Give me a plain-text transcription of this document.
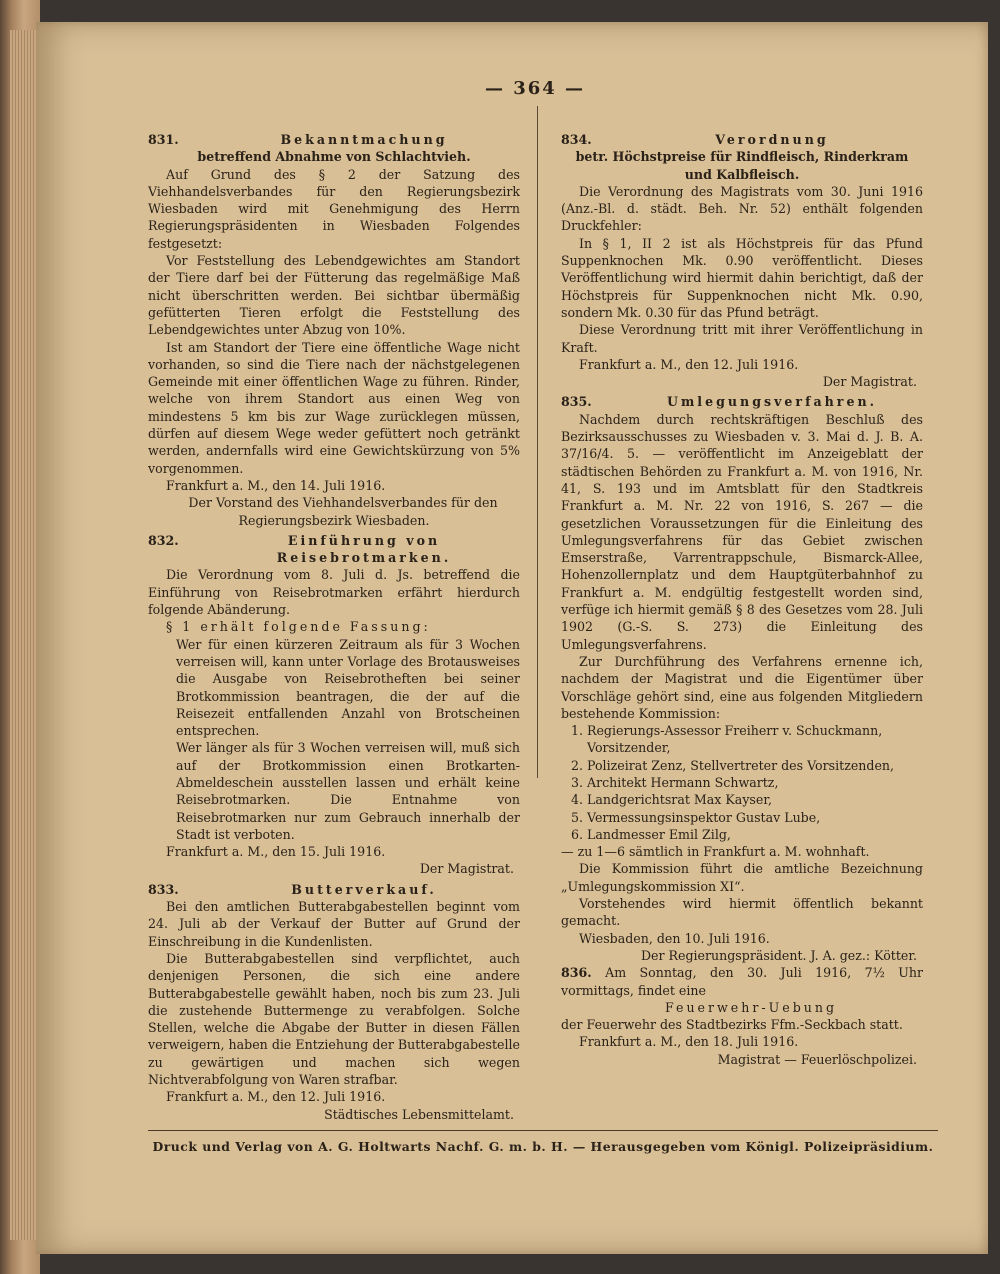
— 364 —
831.	Bekanntmachung
betreffend Abnahme von Schlachtvieh.

Auf Grund des § 2 der Satzung des Viehhandelsverbandes für den Regierungsbezirk Wiesbaden wird mit Genehmigung des Herrn Regierungspräsidenten in Wiesbaden Folgendes festgesetzt:

Vor Feststellung des Lebendgewichtes am Standort der Tiere darf bei der Fütterung das regelmäßige Maß nicht überschritten werden. Bei sichtbar übermäßig gefütterten Tieren erfolgt die Feststellung des Lebendgewichtes unter Abzug von 10%.

Ist am Standort der Tiere eine öffentliche Wage nicht vorhanden, so sind die Tiere nach der nächstgelegenen Gemeinde mit einer öffentlichen Wage zu führen. Rinder, welche von ihrem Standort aus einen Weg von mindestens 5 km bis zur Wage zurücklegen müssen, dürfen auf diesem Wege weder gefüttert noch getränkt werden, andernfalls wird eine Gewichtskürzung von 5% vorgenommen.

Frankfurt a. M., den 14. Juli 1916.

Der Vorstand des Viehhandelsverbandes für den Regierungsbezirk Wiesbaden.

832.	Einführung von Reisebrotmarken.

Die Verordnung vom 8. Juli d. Js. betreffend die Einführung von Reisebrotmarken erfährt hierdurch folgende Abänderung.

§ 1 erhält folgende Fassung:

Wer für einen kürzeren Zeitraum als für 3 Wochen verreisen will, kann unter Vorlage des Brotausweises die Ausgabe von Reisebrotheften bei seiner Brotkommission beantragen, die der auf die Reisezeit entfallenden Anzahl von Brotscheinen entsprechen.

Wer länger als für 3 Wochen verreisen will, muß sich auf der Brotkommission einen Brotkarten-Abmeldeschein ausstellen lassen und erhält keine Reisebrotmarken. Die Entnahme von Reisebrotmarken nur zum Gebrauch innerhalb der Stadt ist verboten.

Frankfurt a. M., den 15. Juli 1916.

Der Magistrat.

833.	Butterverkauf.

Bei den amtlichen Butterabgabestellen beginnt vom 24. Juli ab der Verkauf der Butter auf Grund der Einschreibung in die Kundenlisten.

Die Butterabgabestellen sind verpflichtet, auch denjenigen Personen, die sich eine andere Butterabgabestelle gewählt haben, noch bis zum 23. Juli die zustehende Buttermenge zu verabfolgen. Solche Stellen, welche die Abgabe der Butter in diesen Fällen verweigern, haben die Entziehung der Butterabgabestelle zu gewärtigen und machen sich wegen Nichtverabfolgung von Waren strafbar.

Frankfurt a. M., den 12. Juli 1916.

Städtisches Lebensmittelamt.

834.	Verordnung
betr. Höchstpreise für Rindfleisch, Rinderkram und Kalbfleisch.

Die Verordnung des Magistrats vom 30. Juni 1916 (Anz.-Bl. d. städt. Beh. Nr. 52) enthält folgenden Druckfehler:

In § 1, II 2 ist als Höchstpreis für das Pfund Suppenknochen Mk. 0.90 veröffentlicht. Dieses Veröffentlichung wird hiermit dahin berichtigt, daß der Höchstpreis für Suppenknochen nicht Mk. 0.90, sondern Mk. 0.30 für das Pfund beträgt.

Diese Verordnung tritt mit ihrer Veröffentlichung in Kraft.

Frankfurt a. M., den 12. Juli 1916.

Der Magistrat.

835.	Umlegungsverfahren.

Nachdem durch rechtskräftigen Beschluß des Bezirksausschusses zu Wiesbaden v. 3. Mai d. J. B. A. 37/16/4. 5. — veröffentlicht im Anzeigeblatt der städtischen Behörden zu Frankfurt a. M. von 1916, Nr. 41, S. 193 und im Amtsblatt für den Stadtkreis Frankfurt a. M. Nr. 22 von 1916, S. 267 — die gesetzlichen Voraussetzungen für die Einleitung des Umlegungsverfahrens für das Gebiet zwischen Emserstraße, Varrentrappschule, Bismarck-Allee, Hohenzollernplatz und dem Hauptgüterbahnhof zu Frankfurt a. M. endgültig festgestellt worden sind, verfüge ich hiermit gemäß § 8 des Gesetzes vom 28. Juli 1902 (G.-S. S. 273) die Einleitung des Umlegungsverfahrens.

Zur Durchführung des Verfahrens ernenne ich, nachdem der Magistrat und die Eigentümer über Vorschläge gehört sind, eine aus folgenden Mitgliedern bestehende Kommission:

1. Regierungs-Assessor Freiherr v. Schuckmann, Vorsitzender,
2. Polizeirat Zenz, Stellvertreter des Vorsitzenden,
3. Architekt Hermann Schwartz,
4. Landgerichtsrat Max Kayser,
5. Vermessungsinspektor Gustav Lube,
6. Landmesser Emil Zilg,

— zu 1—6 sämtlich in Frankfurt a. M. wohnhaft.

Die Kommission führt die amtliche Bezeichnung „Umlegungskommission XI“.

Vorstehendes wird hiermit öffentlich bekannt gemacht.

Wiesbaden, den 10. Juli 1916.

Der Regierungspräsident. J. A. gez.: Kötter.

836. Am Sonntag, den 30. Juli 1916, 7½ Uhr vormittags, findet eine

Feuerwehr-Uebung

der Feuerwehr des Stadtbezirks Ffm.-Seckbach statt.

Frankfurt a. M., den 18. Juli 1916.

Magistrat — Feuerlöschpolizei.

Druck und Verlag von A. G. Holtwarts Nachf. G. m. b. H. — Herausgegeben vom Königl. Polizeipräsidium.
